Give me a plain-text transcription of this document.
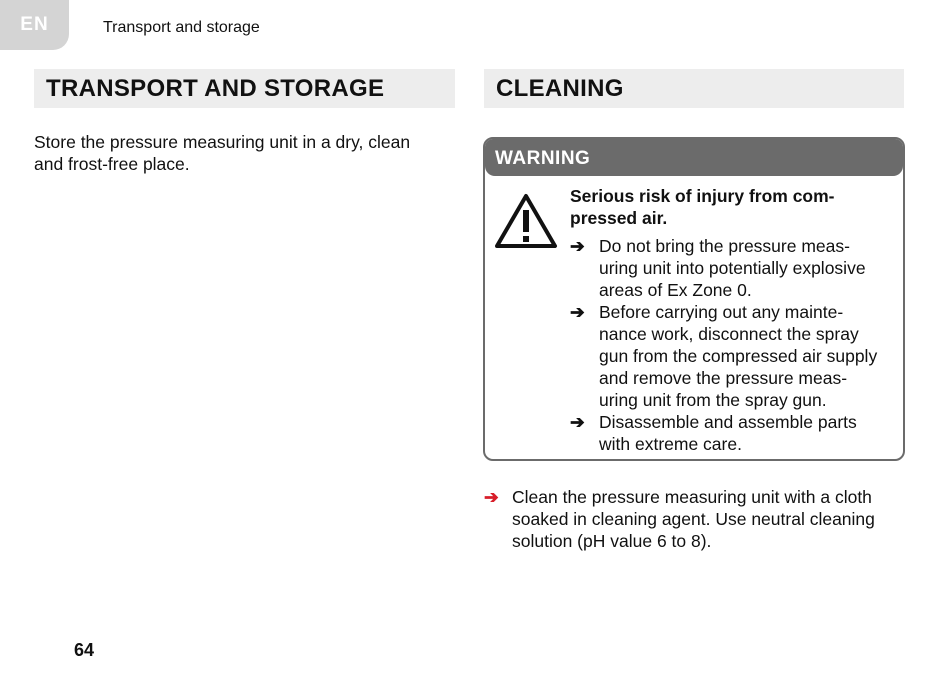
EN	Transport and storage
TRANSPORT AND STORAGE	CLEANING
Store the pressure measuring unit in a dry, clean
and frost-free place.	WARNING
Serious risk of injury from com-
pressed air.
➔ Do not bring the pressure meas-
uring unit into potentially explosive
areas of Ex Zone 0.
➔ Before carrying out any mainte-
nance work, disconnect the spray
gun from the compressed air supply
and remove the pressure meas-
uring unit from the spray gun.
➔ Disassemble and assemble parts
with extreme care.
➔ Clean the pressure measuring unit with a cloth
soaked in cleaning agent. Use neutral cleaning
solution (pH value 6 to 8).
64
